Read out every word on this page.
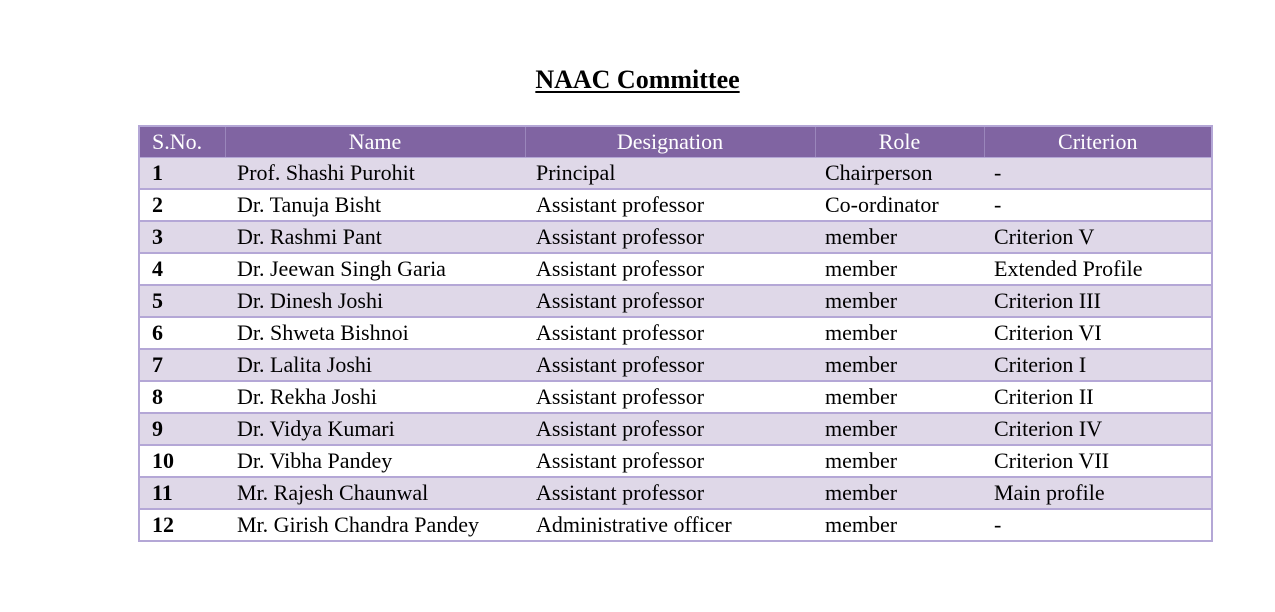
NAAC Committee
S.No.	Name	Designation	Role	Criterion
1	Prof. Shashi Purohit	Principal	Chairperson	-
2	Dr. Tanuja Bisht	Assistant professor	Co-ordinator	-
3	Dr. Rashmi Pant	Assistant professor	member	Criterion V
4	Dr. Jeewan Singh Garia	Assistant professor	member	Extended Profile
5	Dr. Dinesh Joshi	Assistant professor	member	Criterion III
6	Dr. Shweta Bishnoi	Assistant professor	member	Criterion VI
7	Dr. Lalita Joshi	Assistant professor	member	Criterion I
8	Dr. Rekha Joshi	Assistant professor	member	Criterion II
9	Dr. Vidya Kumari	Assistant professor	member	Criterion IV
10	Dr. Vibha Pandey	Assistant professor	member	Criterion VII
11	Mr. Rajesh Chaunwal	Assistant professor	member	Main profile
12	Mr. Girish Chandra Pandey	Administrative officer	member	-
